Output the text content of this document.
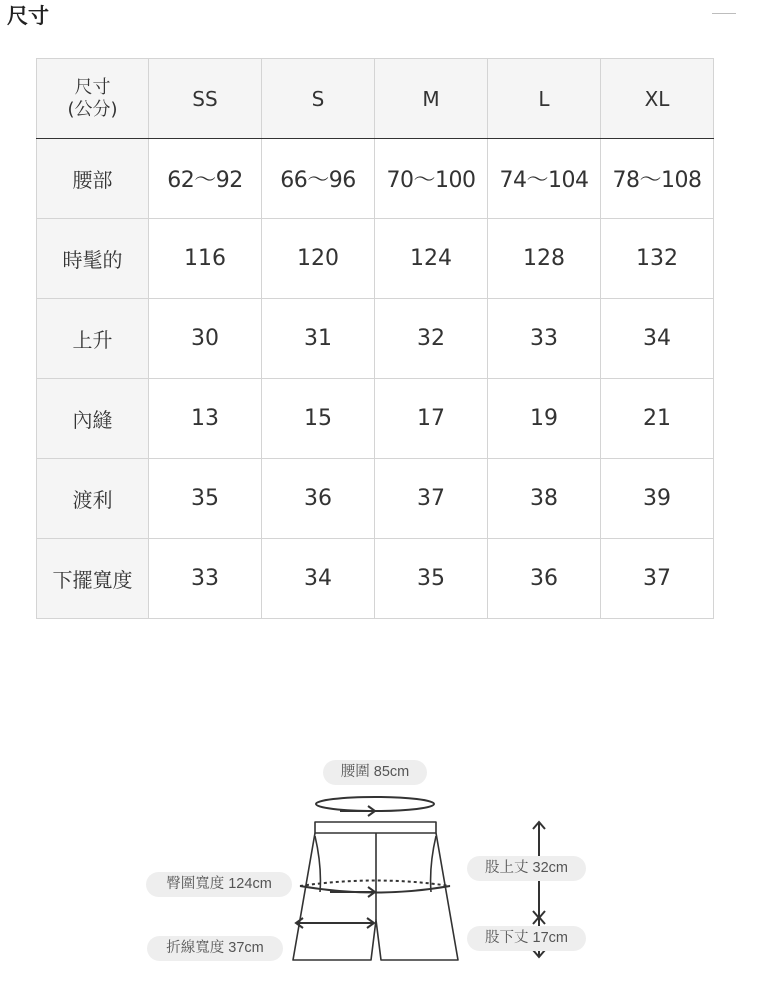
尺寸
尺寸
(公分)	SS	S	M	L	XL
腰部	62～92	66～96	70～100	74～104	78～108
時髦的	116	120	124	128	132
上升	30	31	32	33	34
內縫	13	15	17	19	21
渡利	35	36	37	38	39
下擺寬度	33	34	35	36	37
腰圍 85cm
臀圍寬度 124cm
折線寬度 37cm
股上丈 32cm
股下丈 17cm
